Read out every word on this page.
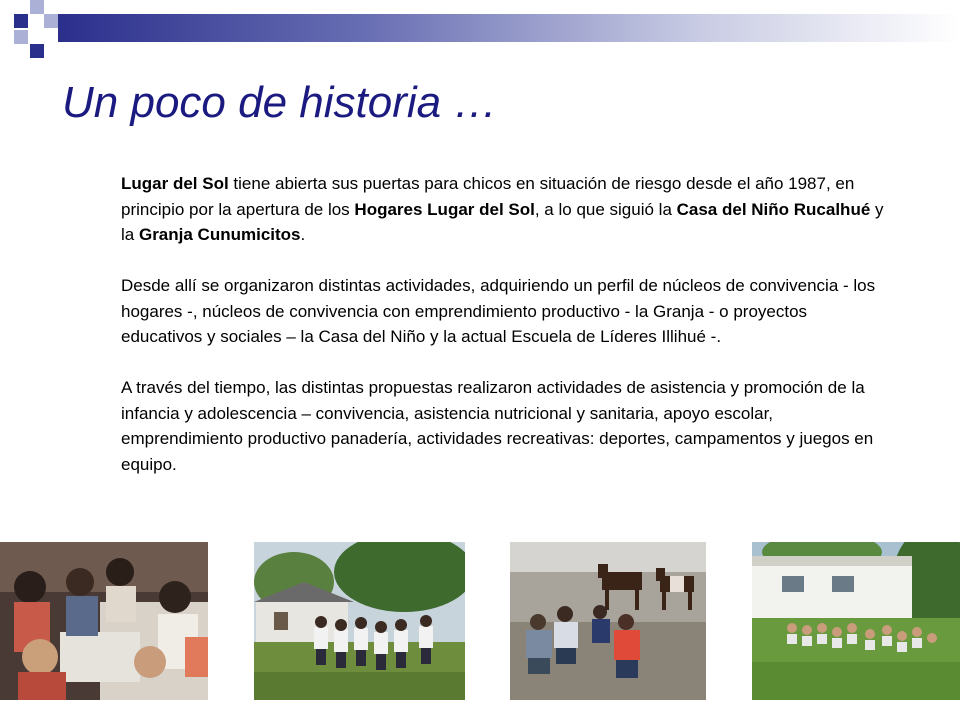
Un poco de historia …

Lugar del Sol tiene abierta sus puertas para chicos en situación de riesgo desde el año 1987, en principio por la apertura de los Hogares Lugar del Sol, a lo que siguió la Casa del Niño Rucalhué y la Granja Cunumicitos.

Desde allí se organizaron distintas actividades, adquiriendo un perfil de núcleos de convivencia - los hogares -, núcleos de convivencia con emprendimiento productivo - la Granja - o proyectos educativos y sociales – la Casa del Niño y la actual Escuela de Líderes Illihué -.

A través del tiempo, las distintas propuestas realizaron actividades de asistencia y promoción de la infancia y adolescencia – convivencia, asistencia nutricional y sanitaria, apoyo escolar, emprendimiento productivo panadería, actividades recreativas: deportes, campamentos y juegos en equipo.
